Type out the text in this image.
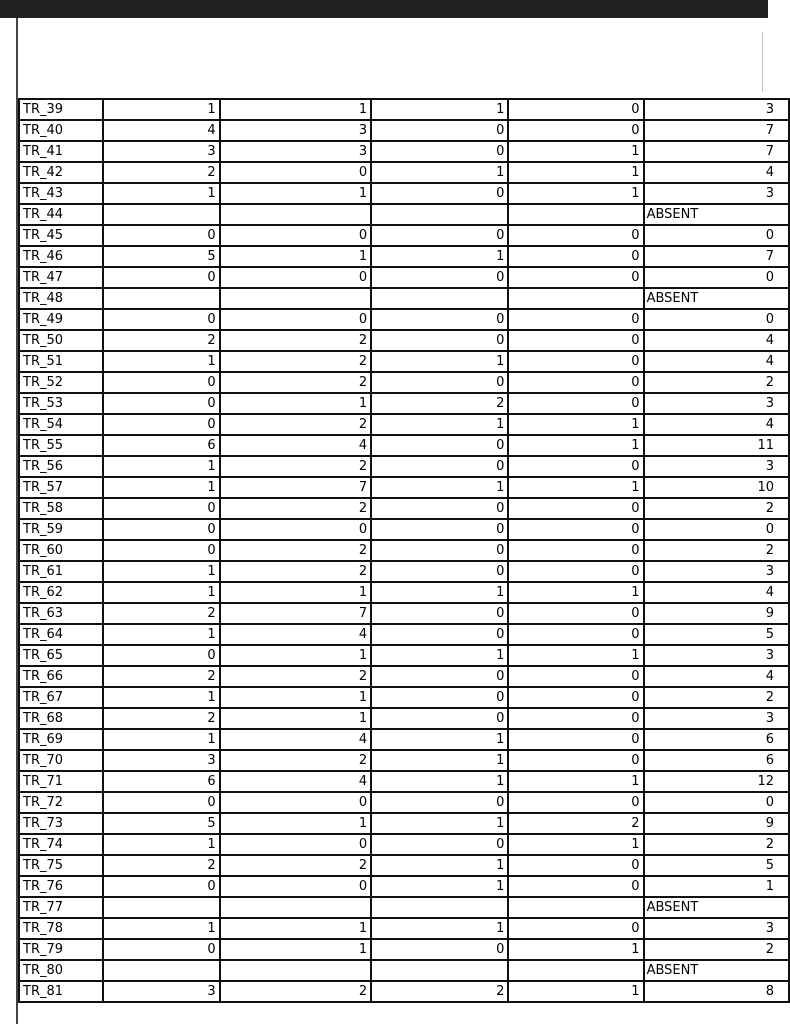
TR_39	1	1	1	0	3
TR_40	4	3	0	0	7
TR_41	3	3	0	1	7
TR_42	2	0	1	1	4
TR_43	1	1	0	1	3
TR_44					ABSENT
TR_45	0	0	0	0	0
TR_46	5	1	1	0	7
TR_47	0	0	0	0	0
TR_48					ABSENT
TR_49	0	0	0	0	0
TR_50	2	2	0	0	4
TR_51	1	2	1	0	4
TR_52	0	2	0	0	2
TR_53	0	1	2	0	3
TR_54	0	2	1	1	4
TR_55	6	4	0	1	11
TR_56	1	2	0	0	3
TR_57	1	7	1	1	10
TR_58	0	2	0	0	2
TR_59	0	0	0	0	0
TR_60	0	2	0	0	2
TR_61	1	2	0	0	3
TR_62	1	1	1	1	4
TR_63	2	7	0	0	9
TR_64	1	4	0	0	5
TR_65	0	1	1	1	3
TR_66	2	2	0	0	4
TR_67	1	1	0	0	2
TR_68	2	1	0	0	3
TR_69	1	4	1	0	6
TR_70	3	2	1	0	6
TR_71	6	4	1	1	12
TR_72	0	0	0	0	0
TR_73	5	1	1	2	9
TR_74	1	0	0	1	2
TR_75	2	2	1	0	5
TR_76	0	0	1	0	1
TR_77					ABSENT
TR_78	1	1	1	0	3
TR_79	0	1	0	1	2
TR_80					ABSENT
TR_81	3	2	2	1	8
